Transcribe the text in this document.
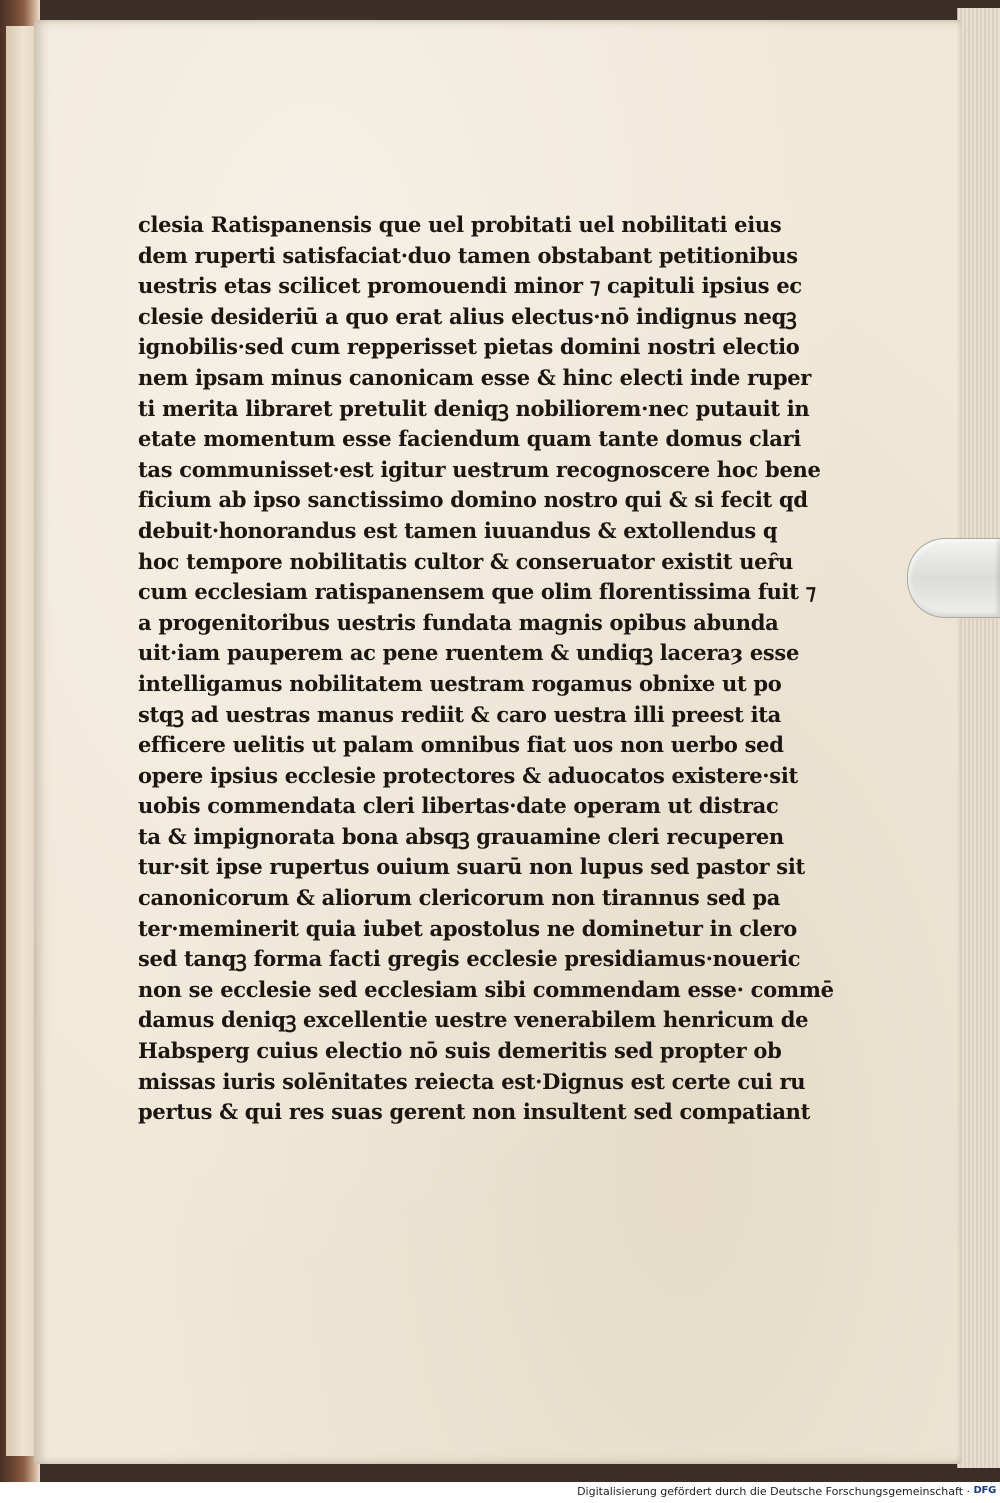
clesia Ratispanensis que uel probitati uel nobilitati eius
dem ruperti satisfaciat·duo tamen obstabant petitionibus
uestris etas scilicet promouendi minor ⁊ capituli ipsius ec
clesie desideriū a quo erat alius electus·nō indignus neqꝫ
ignobilis·sed cum repperisset pietas domini nostri electio
nem ipsam minus canonicam esse & hinc electi inde ruper
ti merita libraret pretulit deniqꝫ nobiliorem·nec putauit in
etate momentum esse faciendum quam tante domus clari
tas communisset·est igitur uestrum recognoscere hoc bene
ficium ab ipso sanctissimo domino nostro qui & si fecit qd
debuit·honorandus est tamen iuuandus & extollendus q
hoc tempore nobilitatis cultor & conseruator existit ueȓu
cum ecclesiam ratispanensem que olim florentissima fuit ⁊
a progenitoribus uestris fundata magnis opibus abunda
uit·iam pauperem ac pene ruentem & undiqꝫ laceraȝ esse
intelligamus nobilitatem uestram rogamus obnixe ut po
stqꝫ ad uestras manus rediit & caro uestra illi preest ita
efficere uelitis ut palam omnibus fiat uos non uerbo sed
opere ipsius ecclesie protectores & aduocatos existere·sit
uobis commendata cleri libertas·date operam ut distrac
ta & impignorata bona absqꝫ grauamine cleri recuperen
tur·sit ipse rupertus ouium suarū non lupus sed pastor sit
canonicorum & aliorum clericorum non tirannus sed pa
ter·meminerit quia iubet apostolus ne dominetur in clero
sed tanqꝫ forma facti gregis ecclesie presidiamus·noueric
non se ecclesie sed ecclesiam sibi commendam esse· commē
damus deniqꝫ excellentie uestre venerabilem henricum de
Habsperg cuius electio nō suis demeritis sed propter ob
missas iuris solēnitates reiecta est·Dignus est certe cui ru
pertus & qui res suas gerent non insultent sed compatiant
Digitalisierung gefördert durch die Deutsche Forschungsgemeinschaft · DFG
